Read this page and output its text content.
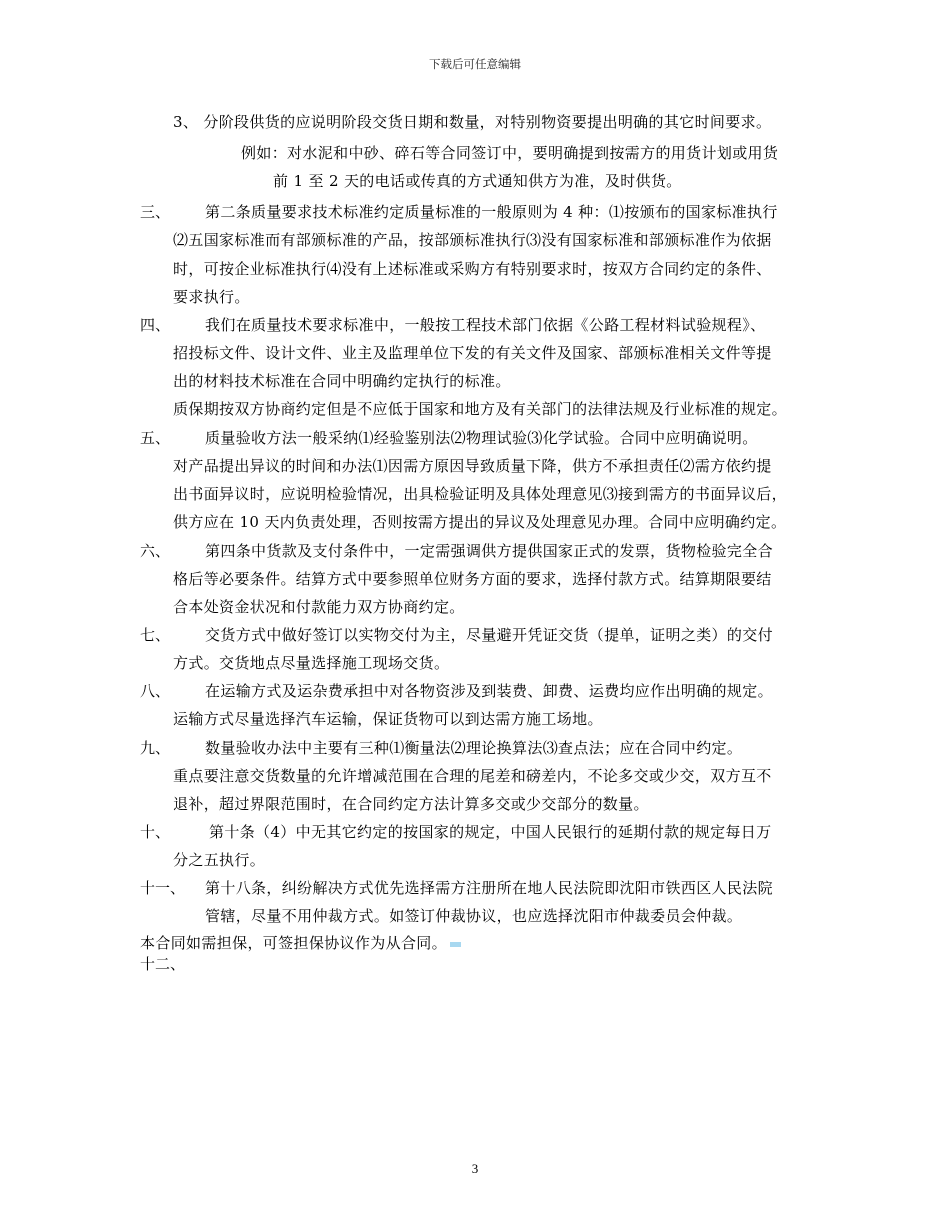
下载后可任意编辑
3、 分阶段供货的应说明阶段交货日期和数量，对特别物资要提出明确的其它时间要求。
例如：对水泥和中砂、碎石等合同签订中，要明确提到按需方的用货计划或用货
前 1 至 2 天的电话或传真的方式通知供方为准，及时供货。
三、 第二条质量要求技术标准约定质量标准的一般原则为 4 种：⑴按颁布的国家标准执行
⑵五国家标准而有部颁标准的产品，按部颁标准执行⑶没有国家标准和部颁标准作为依据
时，可按企业标准执行⑷没有上述标准或采购方有特别要求时，按双方合同约定的条件、
要求执行。
四、 我们在质量技术要求标准中，一般按工程技术部门依据《公路工程材料试验规程》、
招投标文件、设计文件、业主及监理单位下发的有关文件及国家、部颁标准相关文件等提
出的材料技术标准在合同中明确约定执行的标准。
质保期按双方协商约定但是不应低于国家和地方及有关部门的法律法规及行业标准的规定。
五、 质量验收方法一般采纳⑴经验鉴别法⑵物理试验⑶化学试验。合同中应明确说明。
对产品提出异议的时间和办法⑴因需方原因导致质量下降，供方不承担责任⑵需方依约提
出书面异议时，应说明检验情况，出具检验证明及具体处理意见⑶接到需方的书面异议后，
供方应在 10 天内负责处理，否则按需方提出的异议及处理意见办理。合同中应明确约定。
六、 第四条中货款及支付条件中，一定需强调供方提供国家正式的发票，货物检验完全合
格后等必要条件。结算方式中要参照单位财务方面的要求，选择付款方式。结算期限要结
合本处资金状况和付款能力双方协商约定。
七、 交货方式中做好签订以实物交付为主，尽量避开凭证交货（提单，证明之类）的交付
方式。交货地点尽量选择施工现场交货。
八、 在运输方式及运杂费承担中对各物资涉及到装费、卸费、运费均应作出明确的规定。
运输方式尽量选择汽车运输，保证货物可以到达需方施工场地。
九、 数量验收办法中主要有三种⑴衡量法⑵理论换算法⑶查点法；应在合同中约定。
重点要注意交货数量的允许增减范围在合理的尾差和磅差内，不论多交或少交，双方互不
退补，超过界限范围时，在合同约定方法计算多交或少交部分的数量。
十、	第十条（4）中无其它约定的按国家的规定，中国人民银行的延期付款的规定每日万
分之五执行。
十一、 第十八条，纠纷解决方式优先选择需方注册所在地人民法院即沈阳市铁西区人民法院
管辖，尽量不用仲裁方式。如签订仲裁协议，也应选择沈阳市仲裁委员会仲裁。
本合同如需担保，可签担保协议作为从合同。
十二、
3
